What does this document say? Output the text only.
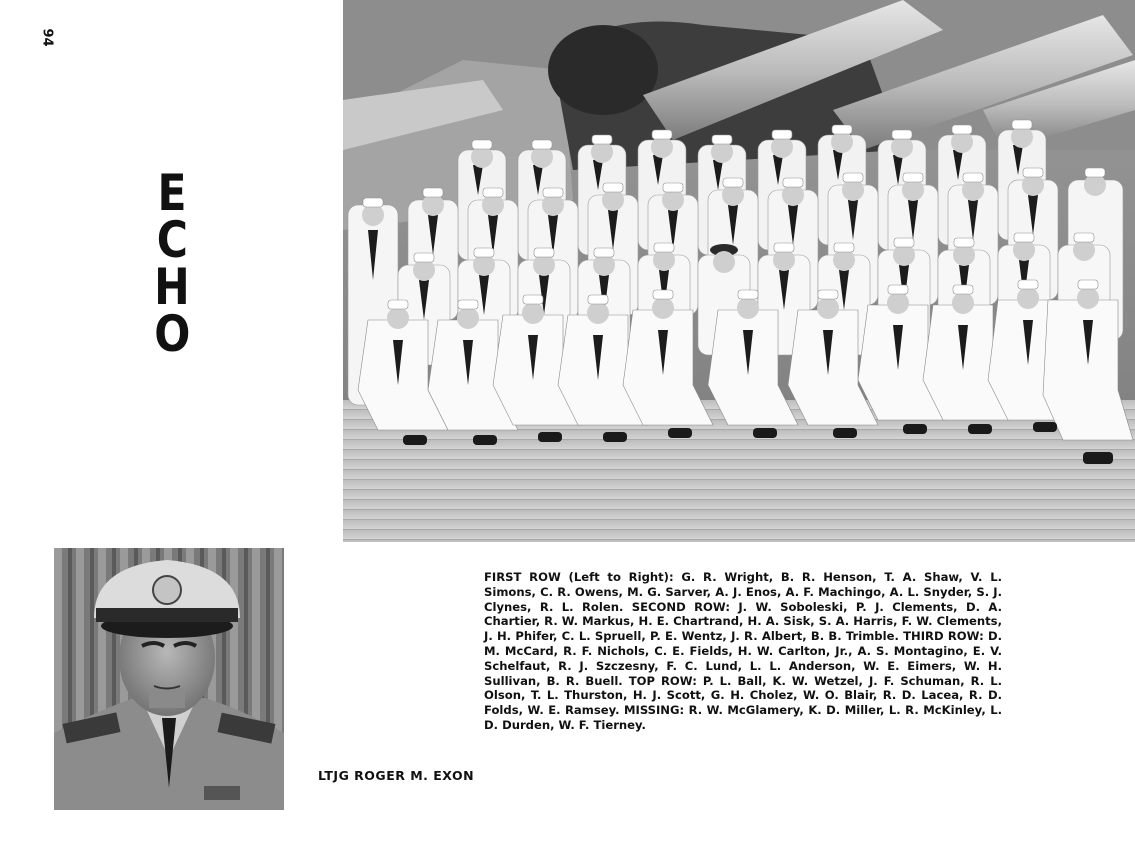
94
E
C
H
O
LTJG ROGER M. EXON
FIRST ROW (Left to Right): G. R. Wright, B. R. Henson, T. A. Shaw, V. L. Simons, C. R. Owens, M. G. Sarver, A. J. Enos, A. F. Machingo, A. L. Snyder, S. J. Clynes, R. L. Rolen. SECOND ROW: J. W. Soboleski, P. J. Clements, D. A. Chartier, R. W. Markus, H. E. Chartrand, H. A. Sisk, S. A. Harris, F. W. Clements, J. H. Phifer, C. L. Spruell, P. E. Wentz, J. R. Albert, B. B. Trimble. THIRD ROW: D. M. McCard, R. F. Nichols, C. E. Fields, H. W. Carlton, Jr., A. S. Montagino, E. V. Schelfaut, R. J. Szczesny, F. C. Lund, L. L. Anderson, W. E. Eimers, W. H. Sullivan, B. R. Buell. TOP ROW: P. L. Ball, K. W. Wetzel, J. F. Schuman, R. L. Olson, T. L. Thurston, H. J. Scott, G. H. Cholez, W. O. Blair, R. D. Lacea, R. D. Folds, W. E. Ramsey. MISSING: R. W. McGlamery, K. D. Miller, L. R. McKinley, L. D. Durden, W. F. Tierney.
